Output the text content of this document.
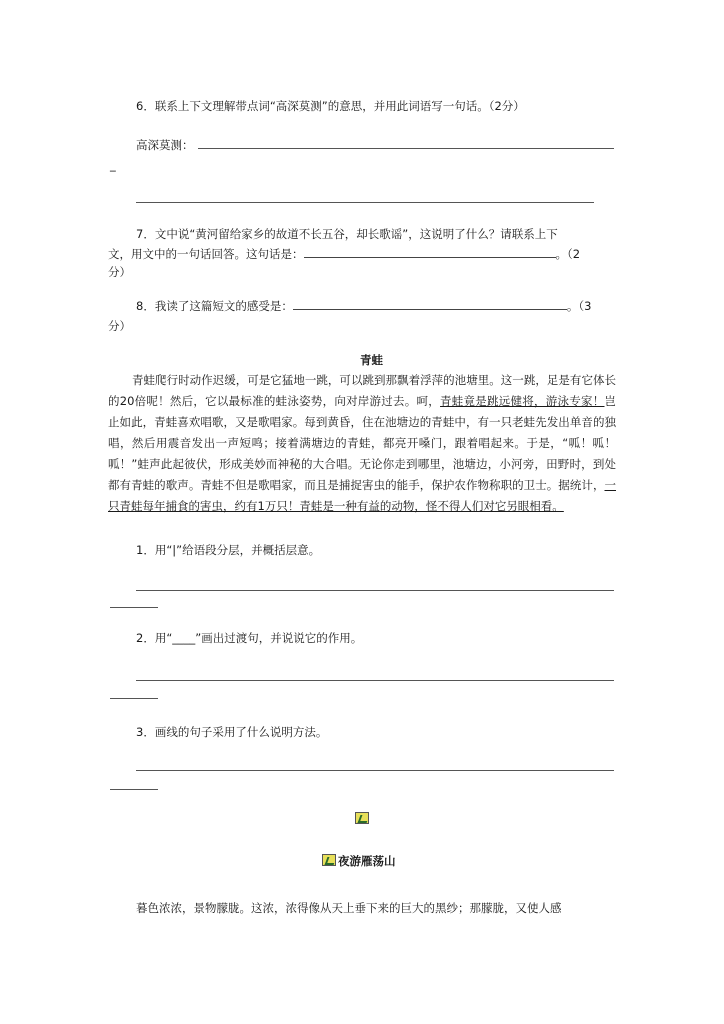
6．联系上下文理解带点词“高深莫测”的意思，并用此词语写一句话。（2分）
高深莫测：
_
7．文中说“黄河留给家乡的故道不长五谷，却长歌谣”，这说明了什么？请联系上下
文，用文中的一句话回答。这句话是：	。（2
分）
8．我读了这篇短文的感受是：	。（3
分）
青蛙
青蛙爬行时动作迟缓，可是它猛地一跳，可以跳到那飘着浮萍的池塘里。这一跳，足是有它体长的20倍呢！然后，它以最标准的蛙泳姿势，向对岸游过去。呵，青蛙竟是跳远健将，游泳专家！岂止如此，青蛙喜欢唱歌，又是歌唱家。每到黄昏，住在池塘边的青蛙中，有一只老蛙先发出单音的独唱，然后用震音发出一声短鸣；接着满塘边的青蛙，都亮开嗓门，跟着唱起来。于是，“呱！呱！呱！”蛙声此起彼伏，形成美妙而神秘的大合唱。无论你走到哪里，池塘边，小河旁，田野时，到处都有青蛙的歌声。青蛙不但是歌唱家，而且是捕捉害虫的能手，保护农作物称职的卫士。据统计，一只青蛙每年捕食的害虫，约有1万只！青蛙是一种有益的动物，怪不得人们对它另眼相看。
1．用“|”给语段分层，并概括层意。
2．用“____”画出过渡句，并说说它的作用。
3．画线的句子采用了什么说明方法。
夜游雁荡山
暮色浓浓，景物朦胧。这浓，浓得像从天上垂下来的巨大的黑纱；那朦胧，又使人感
